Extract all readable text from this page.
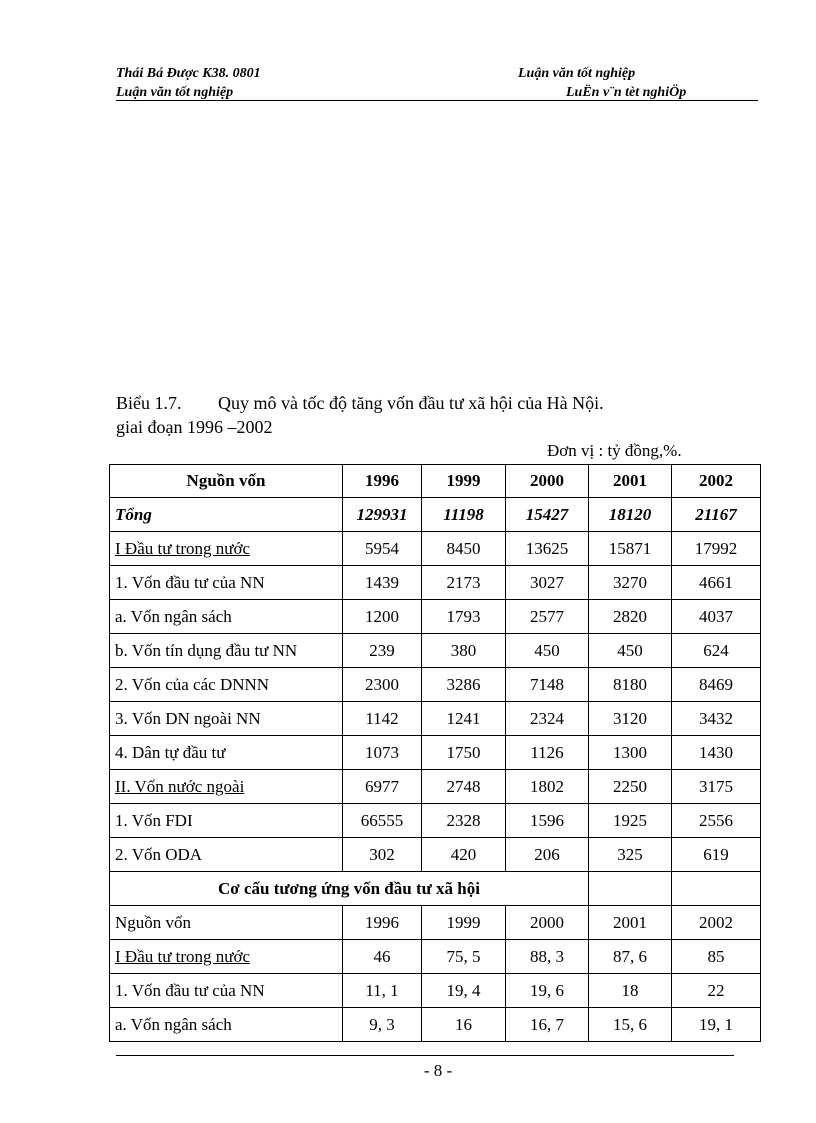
Thái Bá Được K38. 0801	Luận văn tốt nghiệp
Luận văn tốt nghiệp	LuËn v¨n tèt nghiÖp
Biểu 1.7. Quy mô và tốc độ tăng vốn đầu tư xã hội của Hà Nội.
giai đoạn 1996 –2002
Đơn vị : tỷ đồng,%.
Nguồn vốn	1996	1999	2000	2001	2002
Tổng	129931	11198	15427	18120	21167
I Đầu tư trong nước	5954	8450	13625	15871	17992
1. Vốn đầu tư của NN	1439	2173	3027	3270	4661
a. Vốn ngân sách	1200	1793	2577	2820	4037
b. Vốn tín dụng đầu tư NN	239	380	450	450	624
2. Vốn của các DNNN	2300	3286	7148	8180	8469
3. Vốn DN ngoài NN	1142	1241	2324	3120	3432
4. Dân tự đầu tư	1073	1750	1126	1300	1430
II. Vốn nước ngoài	6977	2748	1802	2250	3175
1. Vốn FDI	66555	2328	1596	1925	2556
2. Vốn ODA	302	420	206	325	619
Cơ cấu tương ứng vốn đầu tư xã hội					
Nguồn vốn	1996	1999	2000	2001	2002
I Đầu tư trong nước	46	75, 5	88, 3	87, 6	85
1. Vốn đầu tư của NN	11, 1	19, 4	19, 6	18	22
a. Vốn ngân sách	9, 3	16	16, 7	15, 6	19, 1
- 8 -
